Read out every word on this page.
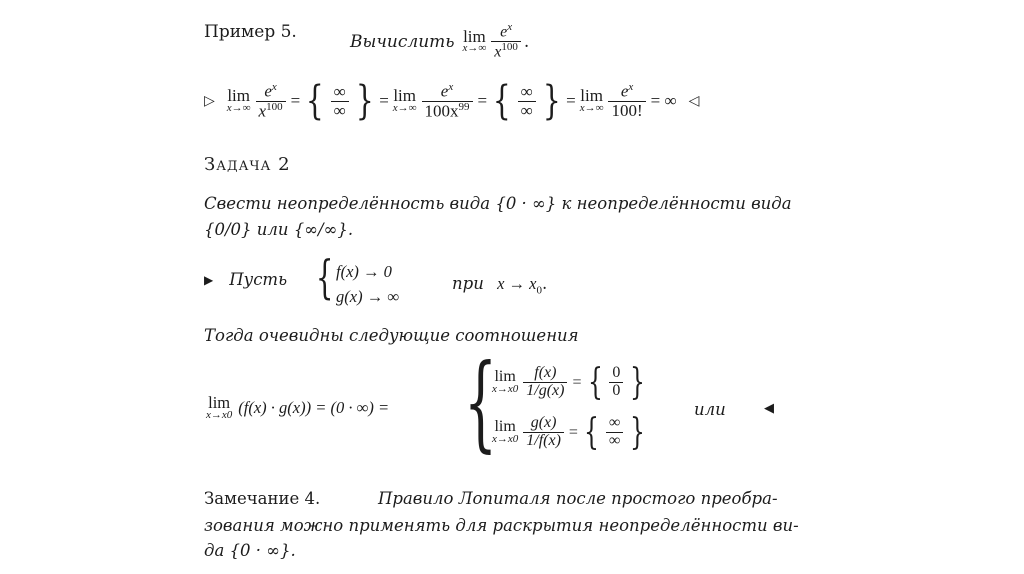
Пример 5.	Вычислить lim
$x\to\infty \frac{e^x}{x^{100}}$ .
▷ lim
$x\to\infty \frac{e^x}{x^{100}}$ = { $\frac{\infty}{\infty}$ } = lim
$x\to\infty \frac{e^x}{100x^{99}}$ = { $\frac{\infty}{\infty}$ } = lim
$x\to\infty \frac{e^x}{100!}$ = ∞ ◁
Задача 2
Свести неопределённость вида {0 · ∞} к неопределённости вида
{0/0} или {∞/∞}.
▶ Пусть { f(x) → 0
g(x) → ∞
при $x \to x_0$.
Тогда очевидны следующие соотношения
lim
x→x0 (f(x) · g(x)) = (0 · ∞) = {
lim
$x\to x0 \frac{f(x)}{1/g(x)}$ = { $\frac{0}{0}$ }
lim
$x\to x0 \frac{g(x)}{1/f(x)}$ = { $\frac{\infty}{\infty}$ }
или	◀
Замечание 4.	Правило Лопиталя после простого преобра-
зования можно применять для раскрытия неопределённости ви-
да {0 · ∞}.
